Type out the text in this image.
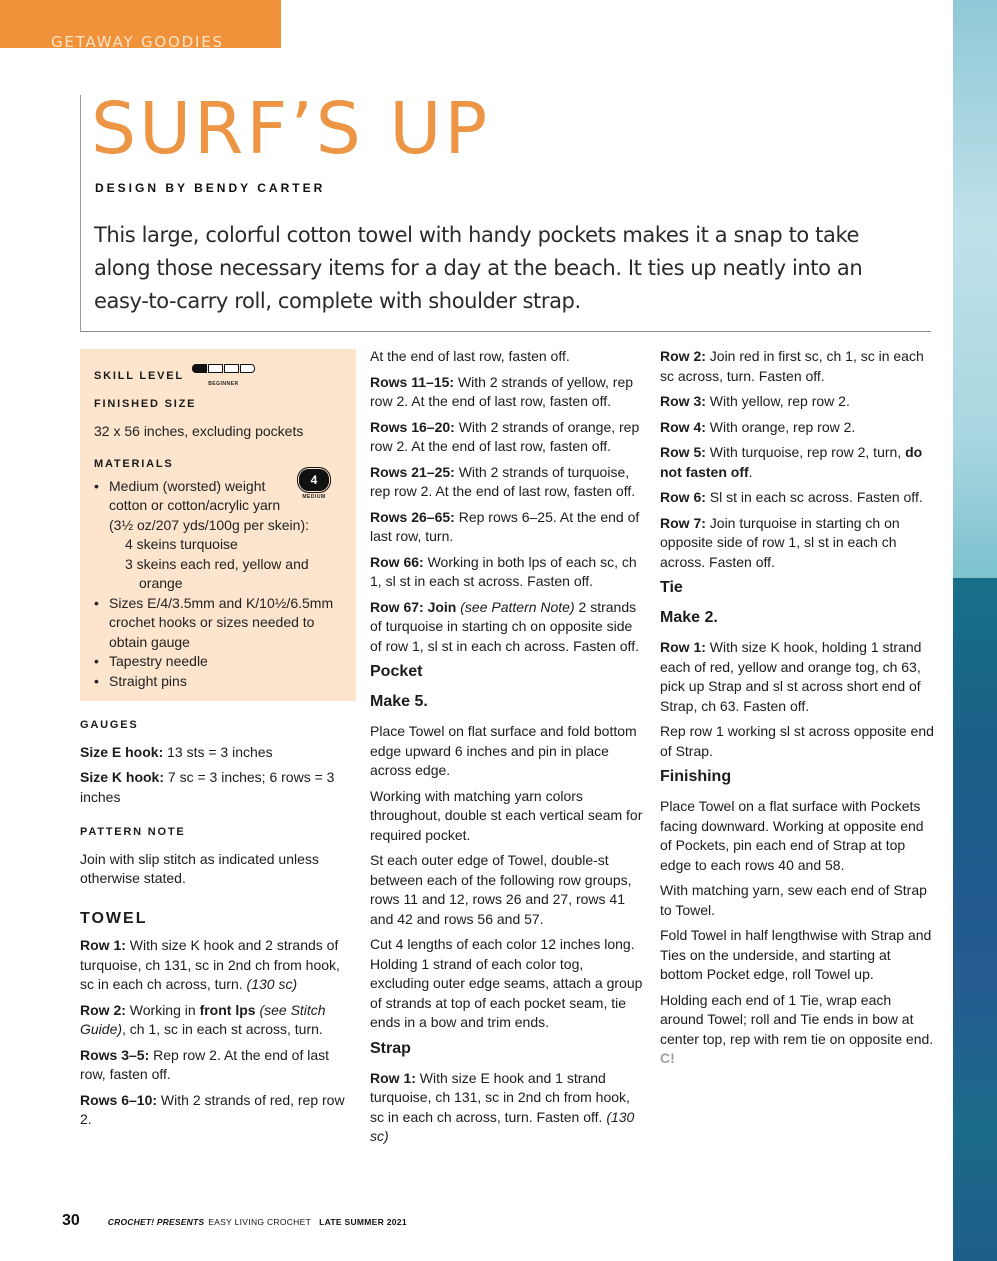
GETAWAY GOODIES
SURF’S UP
DESIGN BY BENDY CARTER
This large, colorful cotton towel with handy pockets makes it a snap to take along those necessary items for a day at the beach. It ties up neatly into an easy-to-carry roll, complete with shoulder strap.
SKILL LEVEL
BEGINNER
FINISHED SIZE

32 x 56 inches, excluding pockets

MATERIALS
• Medium (worsted) weight
cotton or cotton/acrylic yarn
(3½ oz/207 yds/100g per skein):
4 skeins turquoise
3 skeins each red, yellow and
orange
• Sizes E/4/3.5mm and K/10½/6.5mm crochet hooks or sizes needed to obtain gauge
• Tapestry needle
• Straight pins
4
MEDIUM
GAUGES

Size E hook: 13 sts = 3 inches

Size K hook: 7 sc = 3 inches; 6 rows = 3 inches

PATTERN NOTE

Join with slip stitch as indicated unless otherwise stated.

TOWEL

Row 1: With size K hook and 2 strands of turquoise, ch 131, sc in 2nd ch from hook, sc in each ch across, turn. (130 sc)

Row 2: Working in front lps (see Stitch Guide), ch 1, sc in each st across, turn.

Rows 3–5: Rep row 2. At the end of last row, fasten off.

Rows 6–10: With 2 strands of red, rep row 2.

At the end of last row, fasten off.

Rows 11–15: With 2 strands of yellow, rep row 2. At the end of last row, fasten off.

Rows 16–20: With 2 strands of orange, rep row 2. At the end of last row, fasten off.

Rows 21–25: With 2 strands of turquoise, rep row 2. At the end of last row, fasten off.

Rows 26–65: Rep rows 6–25. At the end of last row, turn.

Row 66: Working in both lps of each sc, ch 1, sl st in each st across. Fasten off.

Row 67: Join (see Pattern Note) 2 strands of turquoise in starting ch on opposite side of row 1, sl st in each ch across. Fasten off.

Pocket
Make 5.

Place Towel on flat surface and fold bottom edge upward 6 inches and pin in place across edge.

Working with matching yarn colors throughout, double st each vertical seam for required pocket.

St each outer edge of Towel, double-st between each of the following row groups, rows 11 and 12, rows 26 and 27, rows 41 and 42 and rows 56 and 57.

Cut 4 lengths of each color 12 inches long. Holding 1 strand of each color tog, excluding outer edge seams, attach a group of strands at top of each pocket seam, tie ends in a bow and trim ends.

Strap

Row 1: With size E hook and 1 strand turquoise, ch 131, sc in 2nd ch from hook, sc in each ch across, turn. Fasten off. (130 sc)

Row 2: Join red in first sc, ch 1, sc in each sc across, turn. Fasten off.

Row 3: With yellow, rep row 2.

Row 4: With orange, rep row 2.

Row 5: With turquoise, rep row 2, turn, do not fasten off.

Row 6: Sl st in each sc across. Fasten off.

Row 7: Join turquoise in starting ch on opposite side of row 1, sl st in each ch across. Fasten off.

Tie
Make 2.

Row 1: With size K hook, holding 1 strand each of red, yellow and orange tog, ch 63, pick up Strap and sl st across short end of Strap, ch 63. Fasten off.

Rep row 1 working sl st across opposite end of Strap.

Finishing

Place Towel on a flat surface with Pockets facing downward. Working at opposite end of Pockets, pin each end of Strap at top edge to each rows 40 and 58.

With matching yarn, sew each end of Strap to Towel.

Fold Towel in half lengthwise with Strap and Ties on the underside, and starting at bottom Pocket edge, roll Towel up.

Holding each end of 1 Tie, wrap each around Towel; roll and Tie ends in bow at center top, rep with rem tie on opposite end. C!

30	CROCHET! PRESENTS EASY LIVING CROCHET LATE SUMMER 2021
